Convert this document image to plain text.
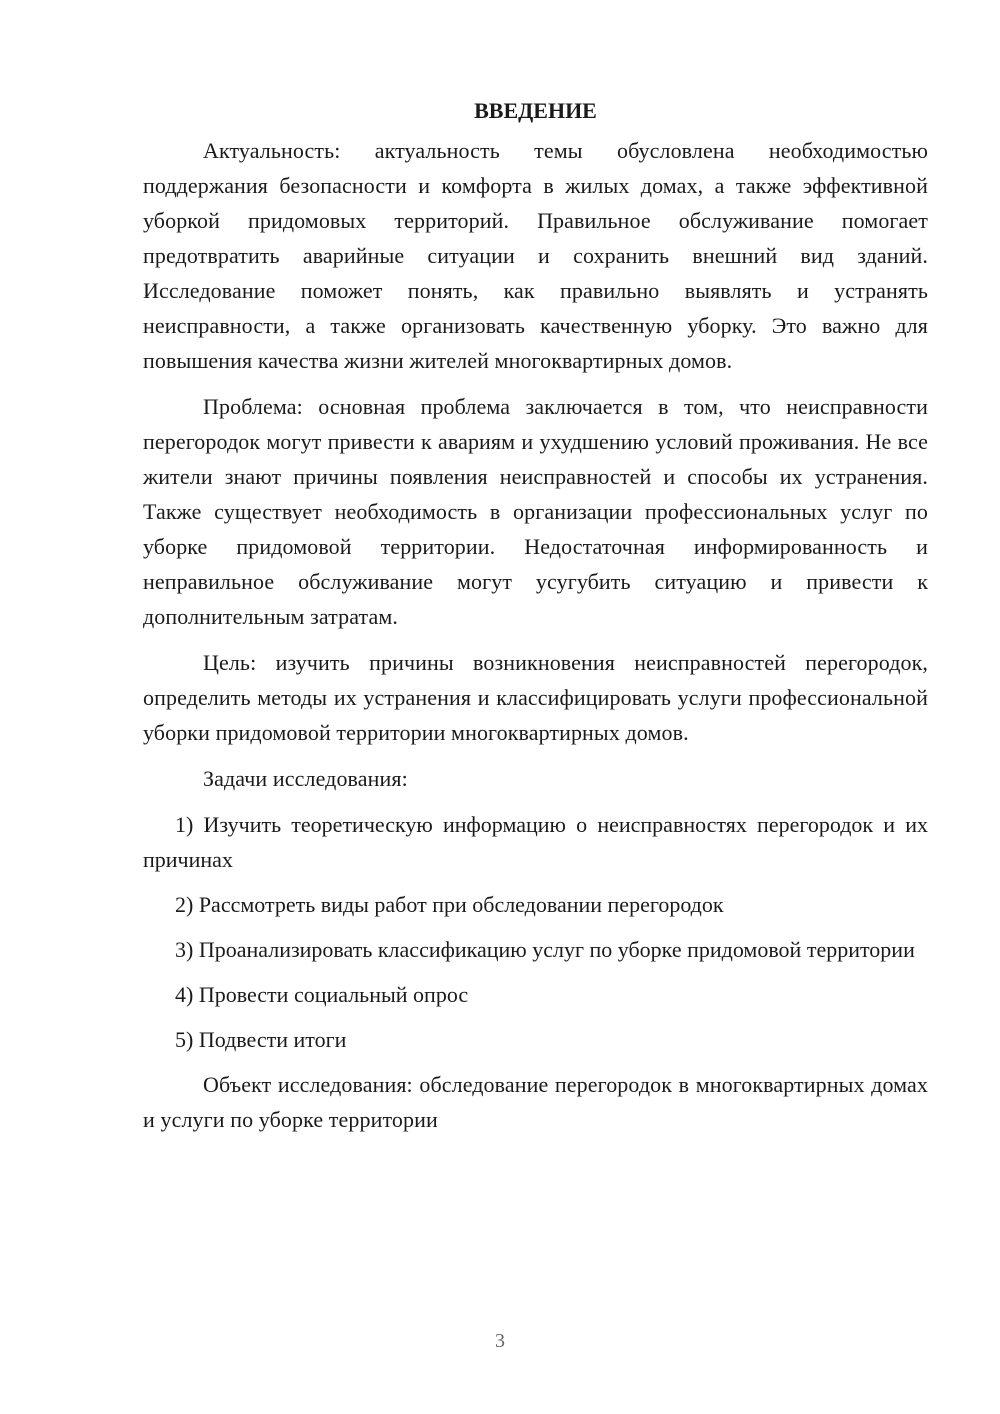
ВВЕДЕНИЕ

Актуальность: актуальность темы обусловлена необходимостью поддержания безопасности и комфорта в жилых домах, а также эффективной уборкой придомовых территорий. Правильное обслуживание помогает предотвратить аварийные ситуации и сохранить внешний вид зданий. Исследование поможет понять, как правильно выявлять и устранять неисправности, а также организовать качественную уборку. Это важно для повышения качества жизни жителей многоквартирных домов.

Проблема: основная проблема заключается в том, что неисправности перегородок могут привести к авариям и ухудшению условий проживания. Не все жители знают причины появления неисправностей и способы их устранения. Также существует необходимость в организации профессиональных услуг по уборке придомовой территории. Недостаточная информированность и неправильное обслуживание могут усугубить ситуацию и привести к дополнительным затратам.

Цель: изучить причины возникновения неисправностей перегородок, определить методы их устранения и классифицировать услуги профессиональной уборки придомовой территории многоквартирных домов.

Задачи исследования:

1) Изучить теоретическую информацию о неисправностях перегородок и их причинах

2) Рассмотреть виды работ при обследовании перегородок

3) Проанализировать классификацию услуг по уборке придомовой территории

4) Провести социальный опрос

5) Подвести итоги

Объект исследования: обследование перегородок в многоквартирных домах и услуги по уборке территории

3
